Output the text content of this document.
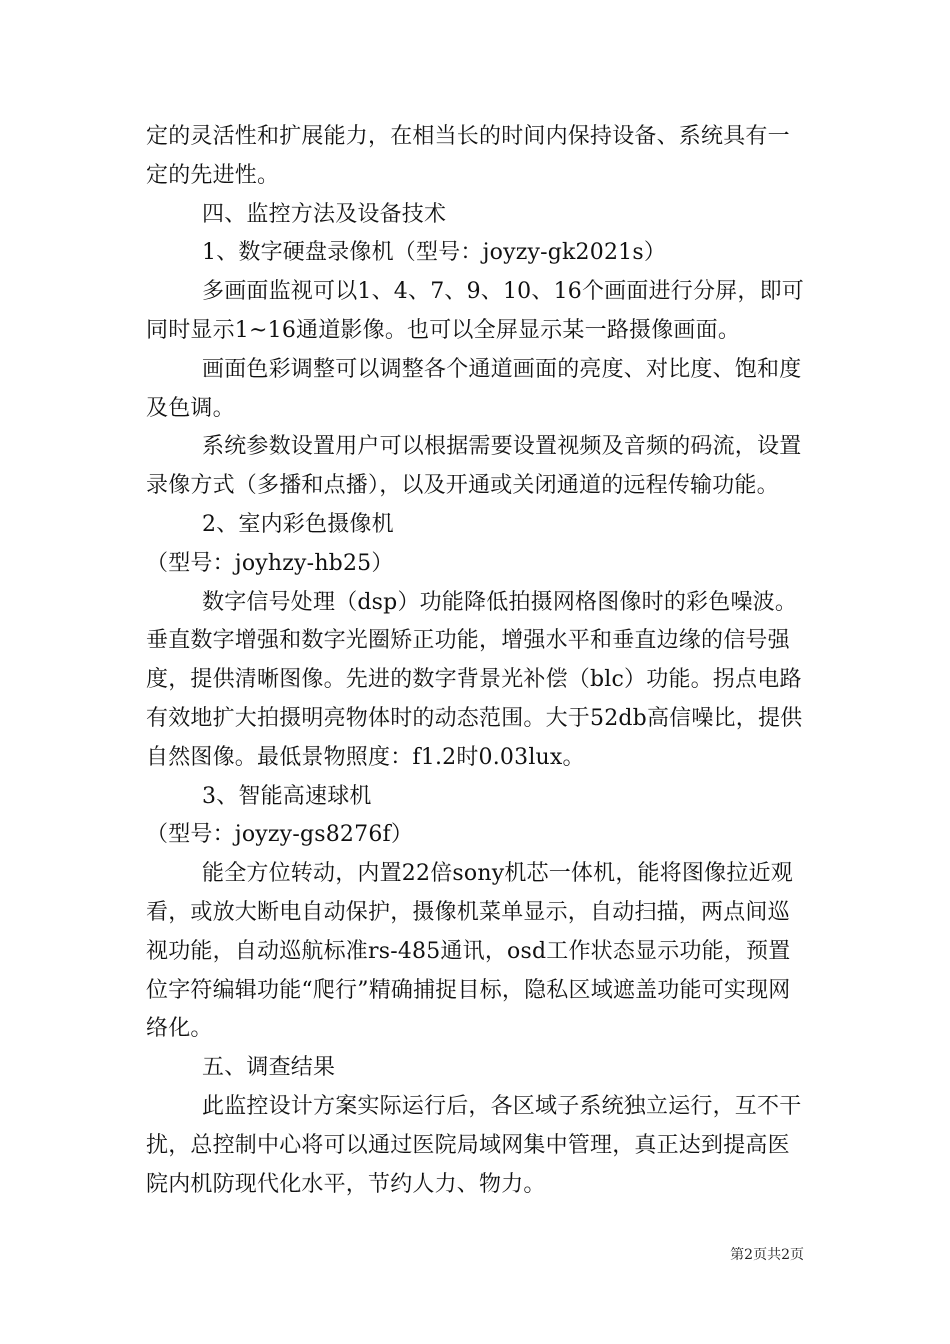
定的灵活性和扩展能力，在相当长的时间内保持设备、系统具有一定的先进性。

四、监控方法及设备技术

1、数字硬盘录像机（型号：joyzy-gk2021s）

多画面监视可以1、4、7、9、10、16个画面进行分屏，即可同时显示1~16通道影像。也可以全屏显示某一路摄像画面。

画面色彩调整可以调整各个通道画面的亮度、对比度、饱和度及色调。

系统参数设置用户可以根据需要设置视频及音频的码流，设置录像方式（多播和点播），以及开通或关闭通道的远程传输功能。

2、室内彩色摄像机

（型号：joyhzy-hb25）

数字信号处理（dsp）功能降低拍摄网格图像时的彩色噪波。垂直数字增强和数字光圈矫正功能，增强水平和垂直边缘的信号强度，提供清晰图像。先进的数字背景光补偿（blc）功能。拐点电路有效地扩大拍摄明亮物体时的动态范围。大于52db高信噪比，提供自然图像。最低景物照度：f1.2时0.03lux。

3、智能高速球机

（型号：joyzy-gs8276f）

能全方位转动，内置22倍sony机芯一体机，能将图像拉近观看，或放大断电自动保护，摄像机菜单显示，自动扫描，两点间巡视功能，自动巡航标准rs-485通讯，osd工作状态显示功能，预置位字符编辑功能“爬行”精确捕捉目标，隐私区域遮盖功能可实现网络化。

五、调查结果

此监控设计方案实际运行后，各区域子系统独立运行，互不干扰，总控制中心将可以通过医院局域网集中管理，真正达到提高医院内机防现代化水平，节约人力、物力。

第2页共2页
